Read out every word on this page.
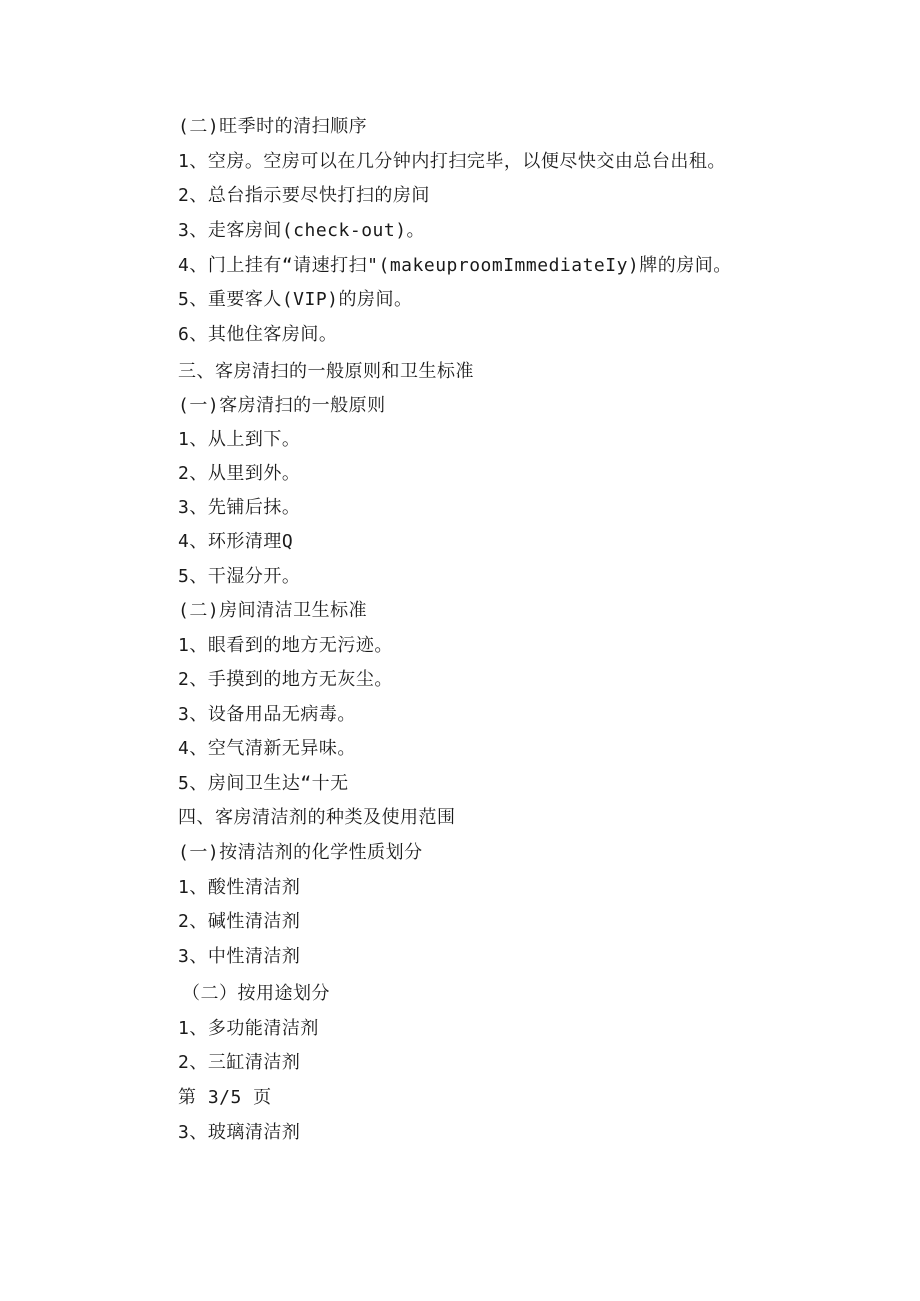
(二)旺季时的清扫顺序
1、空房。空房可以在几分钟内打扫完毕，以便尽快交由总台出租。
2、总台指示要尽快打扫的房间
3、走客房间(check-out)。
4、门上挂有“请速打扫"(makeuproomImmediateIy)牌的房间。
5、重要客人(VIP)的房间。
6、其他住客房间。
三、客房清扫的一般原则和卫生标准
(一)客房清扫的一般原则
1、从上到下。
2、从里到外。
3、先铺后抹。
4、环形清理Q
5、干湿分开。
(二)房间清洁卫生标准
1、眼看到的地方无污迹。
2、手摸到的地方无灰尘。
3、设备用品无病毒。
4、空气清新无异味。
5、房间卫生达“十无
四、客房清洁剂的种类及使用范围
(一)按清洁剂的化学性质划分
1、酸性清洁剂
2、碱性清洁剂
3、中性清洁剂
（二）按用途划分
1、多功能清洁剂
2、三缸清洁剂
第 3/5 页
3、玻璃清洁剂
